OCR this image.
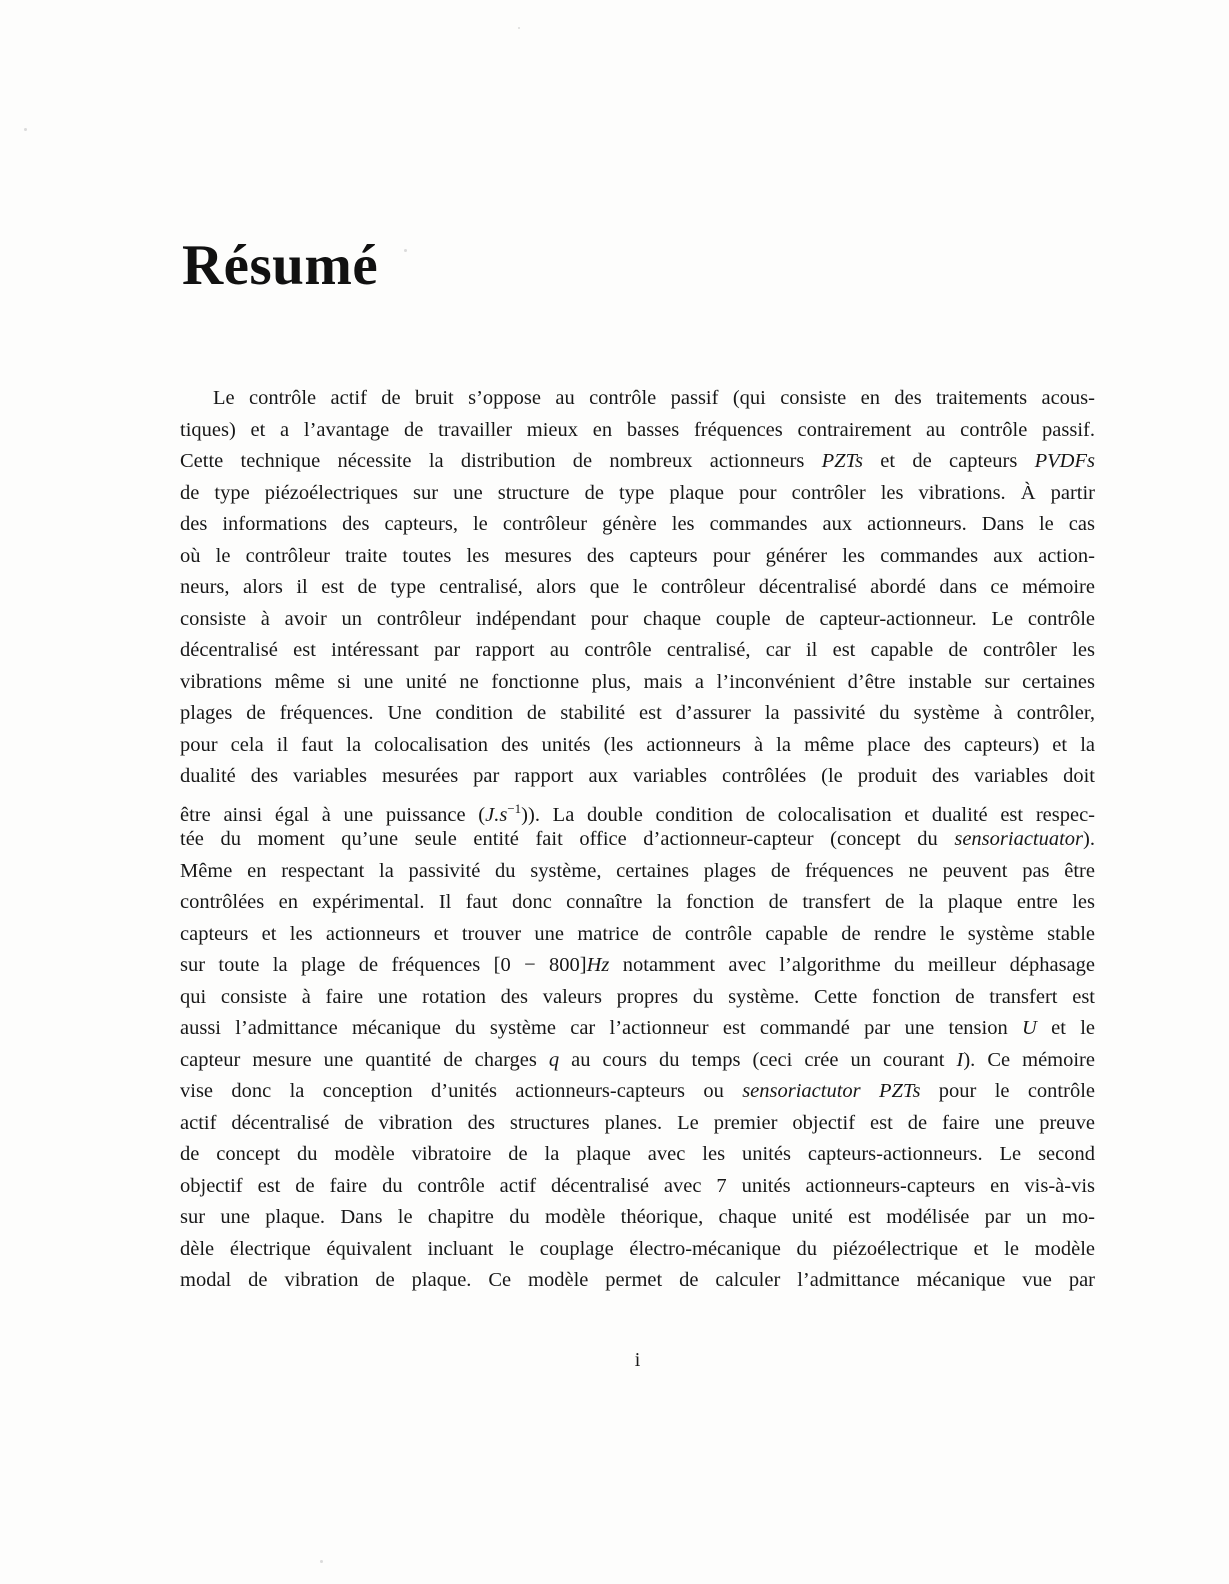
Résumé
Le contrôle actif de bruit s’oppose au contrôle passif (qui consiste en des traitements acous-
tiques) et a l’avantage de travailler mieux en basses fréquences contrairement au contrôle passif.
Cette technique nécessite la distribution de nombreux actionneurs PZTs et de capteurs PVDFs
de type piézoélectriques sur une structure de type plaque pour contrôler les vibrations. À partir
des informations des capteurs, le contrôleur génère les commandes aux actionneurs. Dans le cas
où le contrôleur traite toutes les mesures des capteurs pour générer les commandes aux action-
neurs, alors il est de type centralisé, alors que le contrôleur décentralisé abordé dans ce mémoire
consiste à avoir un contrôleur indépendant pour chaque couple de capteur-actionneur. Le contrôle
décentralisé est intéressant par rapport au contrôle centralisé, car il est capable de contrôler les
vibrations même si une unité ne fonctionne plus, mais a l’inconvénient d’être instable sur certaines
plages de fréquences. Une condition de stabilité est d’assurer la passivité du système à contrôler,
pour cela il faut la colocalisation des unités (les actionneurs à la même place des capteurs) et la
dualité des variables mesurées par rapport aux variables contrôlées (le produit des variables doit
être ainsi égal à une puissance $(J.s^{-1})$). La double condition de colocalisation et dualité est respec-
tée du moment qu’une seule entité fait office d’actionneur-capteur (concept du sensoriactuator).
Même en respectant la passivité du système, certaines plages de fréquences ne peuvent pas être
contrôlées en expérimental. Il faut donc connaître la fonction de transfert de la plaque entre les
capteurs et les actionneurs et trouver une matrice de contrôle capable de rendre le système stable
sur toute la plage de fréquences [0 − 800]Hz notamment avec l’algorithme du meilleur déphasage
qui consiste à faire une rotation des valeurs propres du système. Cette fonction de transfert est
aussi l’admittance mécanique du système car l’actionneur est commandé par une tension U et le
capteur mesure une quantité de charges q au cours du temps (ceci crée un courant I). Ce mémoire
vise donc la conception d’unités actionneurs-capteurs ou sensoriactutor PZTs pour le contrôle
actif décentralisé de vibration des structures planes. Le premier objectif est de faire une preuve
de concept du modèle vibratoire de la plaque avec les unités capteurs-actionneurs. Le second
objectif est de faire du contrôle actif décentralisé avec 7 unités actionneurs-capteurs en vis-à-vis
sur une plaque. Dans le chapitre du modèle théorique, chaque unité est modélisée par un mo-
dèle électrique équivalent incluant le couplage électro-mécanique du piézoélectrique et le modèle
modal de vibration de plaque. Ce modèle permet de calculer l’admittance mécanique vue par
i
